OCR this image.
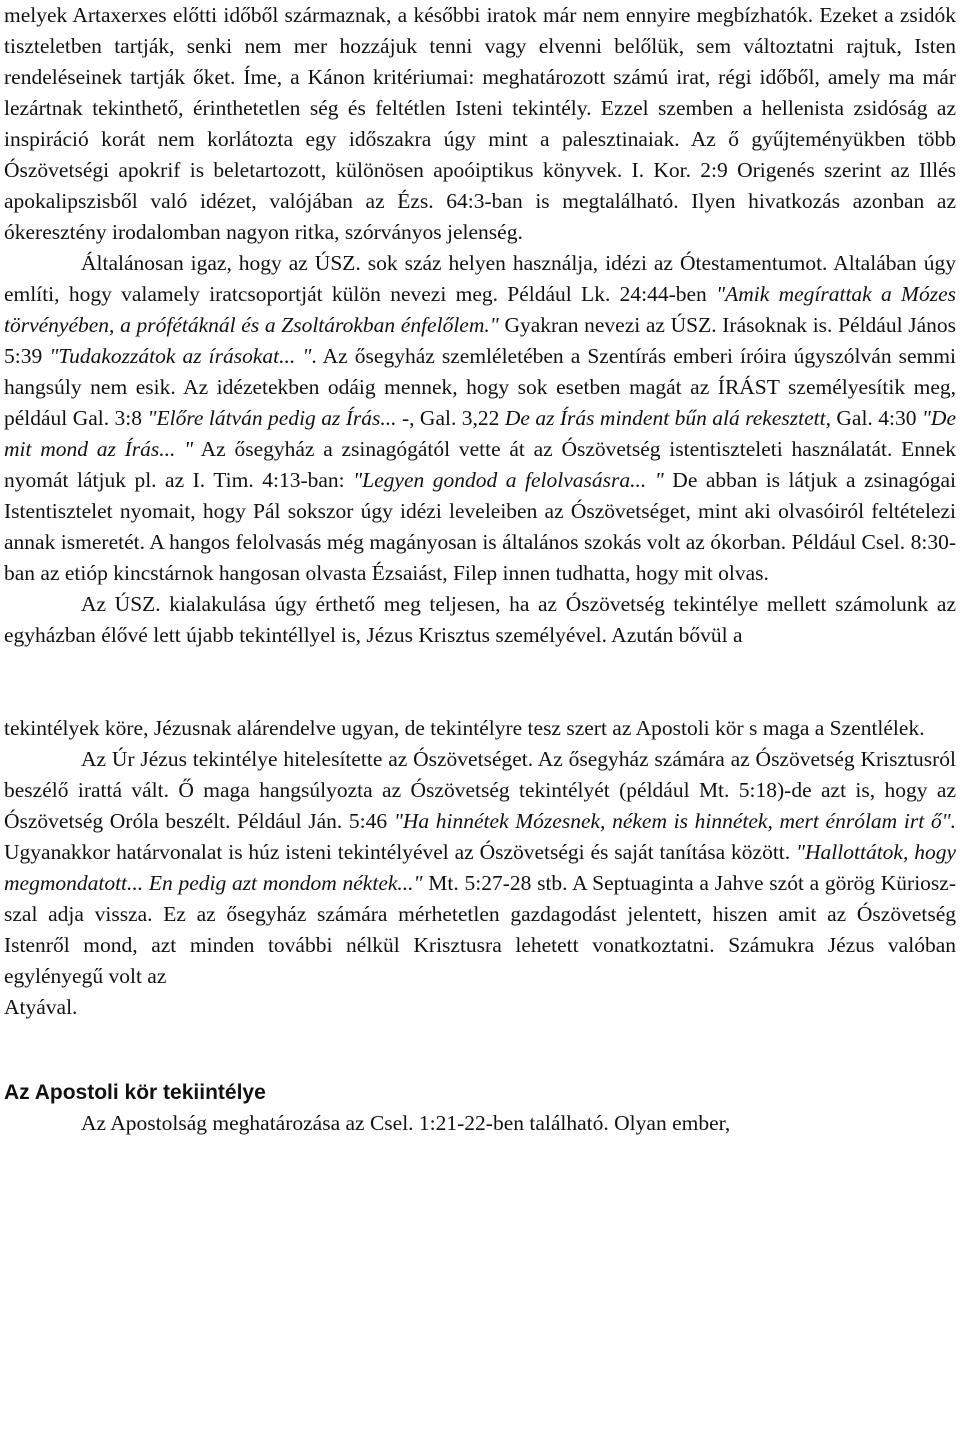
melyek Artaxerxes előtti időből származnak, a későbbi iratok már nem ennyire megbízhatók. Ezeket a zsidók tiszteletben tartják, senki nem mer hozzájuk tenni vagy elvenni belőlük, sem változtatni rajtuk, Isten rendeléseinek tartják őket. Íme, a Kánon kritériumai: meghatározott számú irat, régi időből, amely ma már lezártnak tekinthető, érinthetetlen ség és feltétlen Isteni tekintély. Ezzel szemben a hellenista zsidóság az inspiráció korát nem korlátozta egy időszakra úgy mint a palesztinaiak. Az ő gyűjteményükben több Ószövetségi apokrif is beletartozott, különösen apoóiptikus könyvek. I. Kor. 2:9 Origenés szerint az Illés apokalipszisből való idézet, valójában az Ézs. 64:3-ban is megtalálható. Ilyen hivatkozás azonban az ókeresztény irodalomban nagyon ritka, szórványos jelenség.

Általánosan igaz, hogy az ÚSZ. sok száz helyen használja, idézi az Ótestamentumot. Altalában úgy említi, hogy valamely iratcsoportját külön nevezi meg. Például Lk. 24:44-ben "Amik megírattak a Mózes törvényében, a prófétáknál és a Zsoltárokban énfelőlem." Gyakran nevezi az ÚSZ. Irásoknak is. Például János 5:39 "Tudakozzátok az írásokat... ". Az ősegyház szemléletében a Szentírás emberi íróira úgyszólván semmi hangsúly nem esik. Az idézetekben odáig mennek, hogy sok esetben magát az ÍRÁST személyesítik meg, például Gal. 3:8 "Előre látván pedig az Írás... -, Gal. 3,22 De az Írás mindent bűn alá rekesztett, Gal. 4:30 "De mit mond az Írás... " Az ősegyház a zsinagógától vette át az Ószövetség istentiszteleti használatát. Ennek nyomát látjuk pl. az I. Tim. 4:13-ban: "Legyen gondod a felolvasásra... " De abban is látjuk a zsinagógai Istentisztelet nyomait, hogy Pál sokszor úgy idézi leveleiben az Ószövetséget, mint aki olvasóiról feltételezi annak ismeretét. A hangos felolvasás még magányosan is általános szokás volt az ókorban. Például Csel. 8:30-ban az etióp kincstárnok hangosan olvasta Ézsaiást, Filep innen tudhatta, hogy mit olvas.

Az ÚSZ. kialakulása úgy érthető meg teljesen, ha az Ószövetség tekintélye mellett számolunk az egyházban élővé lett újabb tekintéllyel is, Jézus Krisztus személyével. Azután bővül a

tekintélyek köre, Jézusnak alárendelve ugyan, de tekintélyre tesz szert az Apostoli kör s maga a Szentlélek.

Az Úr Jézus tekintélye hitelesítette az Ószövetséget. Az ősegyház számára az Ószövetség Krisztusról beszélő irattá vált. Ő maga hangsúlyozta az Ószövetség tekintélyét (például Mt. 5:18)-de azt is, hogy az Ószövetség Oróla beszélt. Például Ján. 5:46 "Ha hinnétek Mózesnek, nékem is hinnétek, mert énrólam irt ő". Ugyanakkor határvonalat is húz isteni tekintélyével az Ószövetségi és saját tanítása között. "Hallottátok, hogy megmondatott... En pedig azt mondom néktek..." Mt. 5:27-28 stb. A Septuaginta a Jahve szót a görög Küriosz-szal adja vissza. Ez az ősegyház számára mérhetetlen gazdagodást jelentett, hiszen amit az Ószövetség Istenről mond, azt minden további nélkül Krisztusra lehetett vonatkoztatni. Számukra Jézus valóban egylényegű volt az

Atyával.

Az Apostoli kör tekiintélye

Az Apostolság meghatározása az Csel. 1:21-22-ben található. Olyan ember,
